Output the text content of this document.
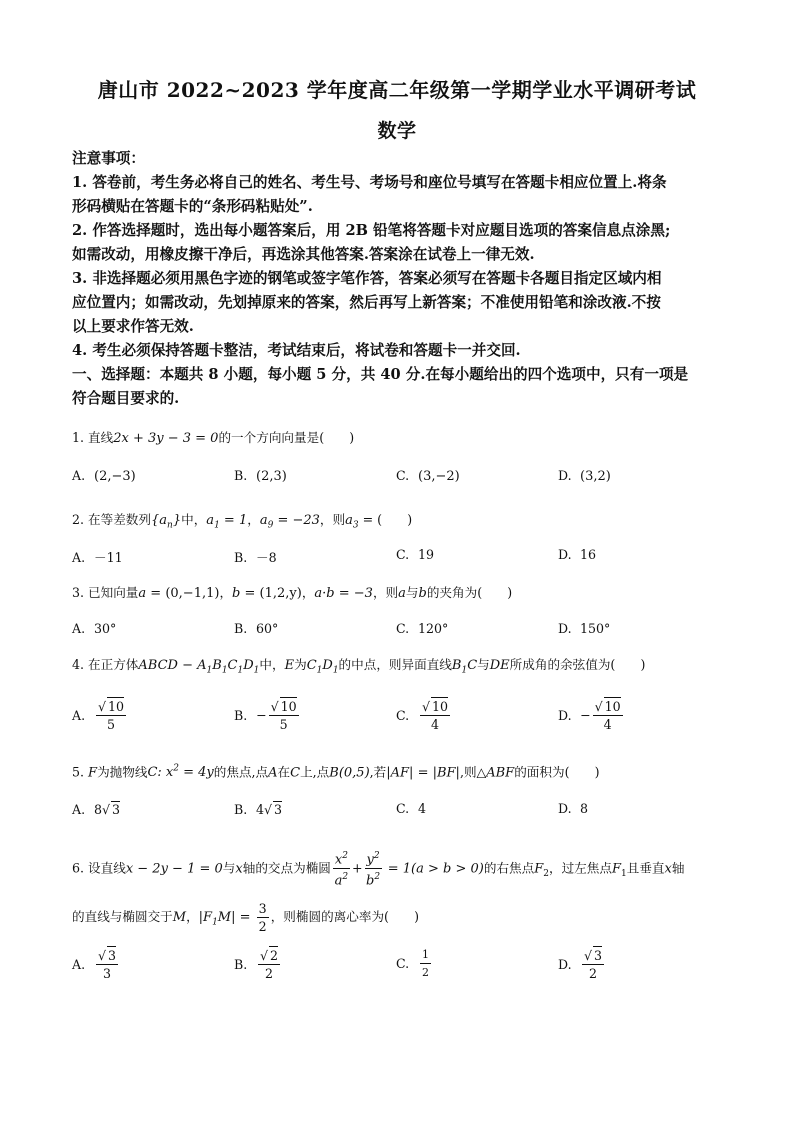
唐山市 2022~2023 学年度高二年级第一学期学业水平调研考试
数学
注意事项：
1. 答卷前，考生务必将自己的姓名、考生号、考场号和座位号填写在答题卡相应位置上.将条
形码横贴在答题卡的“条形码粘贴处”.
2. 作答选择题时，选出每小题答案后，用 2B 铅笔将答题卡对应题目选项的答案信息点涂黑;
如需改动，用橡皮擦干净后，再选涂其他答案.答案涂在试卷上一律无效.
3. 非选择题必须用黑色字迹的钢笔或签字笔作答，答案必须写在答题卡各题目指定区域内相
应位置内；如需改动，先划掉原来的答案，然后再写上新答案；不准使用铅笔和涂改液.不按
以上要求作答无效.
4. 考生必须保持答题卡整洁，考试结束后，将试卷和答题卡一并交回.
一、选择题：本题共 8 小题，每小题 5 分，共 40 分.在每小题给出的四个选项中，只有一项是
符合题目要求的.
1. 直线2x + 3y − 3 = 0的一个方向向量是(　　)
A. (2,−3)	B. (2,3)	C. (3,−2)	D. (3,2)
2. 在等差数列$\{a_n\}$中，$a_1 = 1$，$a_9 = -23$，则$a_3$ = (　　)
A. －11	B. －8	C. 19	D. 16
3. 已知向量a = (0,−1,1)，b = (1,2,y)，a·b = −3，则a与b的夹角为(　　)
A. 30°	B. 60°	C. 120°	D. 150°
4. 在正方体ABCD − $A_1B_1C_1D_1$中，E为$C_1D_1$的中点，则异面直线$B_1C$与DE所成角的余弦值为(　　)
A. $\frac{√ 10}{5}$	B. − $\frac{√ 10}{5}$	C. $\frac{√ 10}{4}$	D. − $\frac{√ 10}{4}$
5. F为抛物线C: $x^2 = 4y$的焦点,点A在C上,点B(0,5),若|AF| = |BF|,则△ABF的面积为(　　)
A. 8√ 3	B. 4√ 3	C. 4	D. 8
6. 设直线x − 2y − 1 = 0与x轴的交点为椭圆 $\frac{x^2}{a^2} + \frac{y^2}{b^2} = 1(a > b > 0)$的右焦点$F_2$，过左焦点$F_1$且垂直x轴
的直线与椭圆交于M，$|F_1M| = \frac{3}{2}$ ，则椭圆的离心率为(　　)
A. $\frac{√ 3}{3}$	B. $\frac{√ 2}{2}$	C. $\frac{1}{2}$	D. $\frac{√ 3}{2}$
